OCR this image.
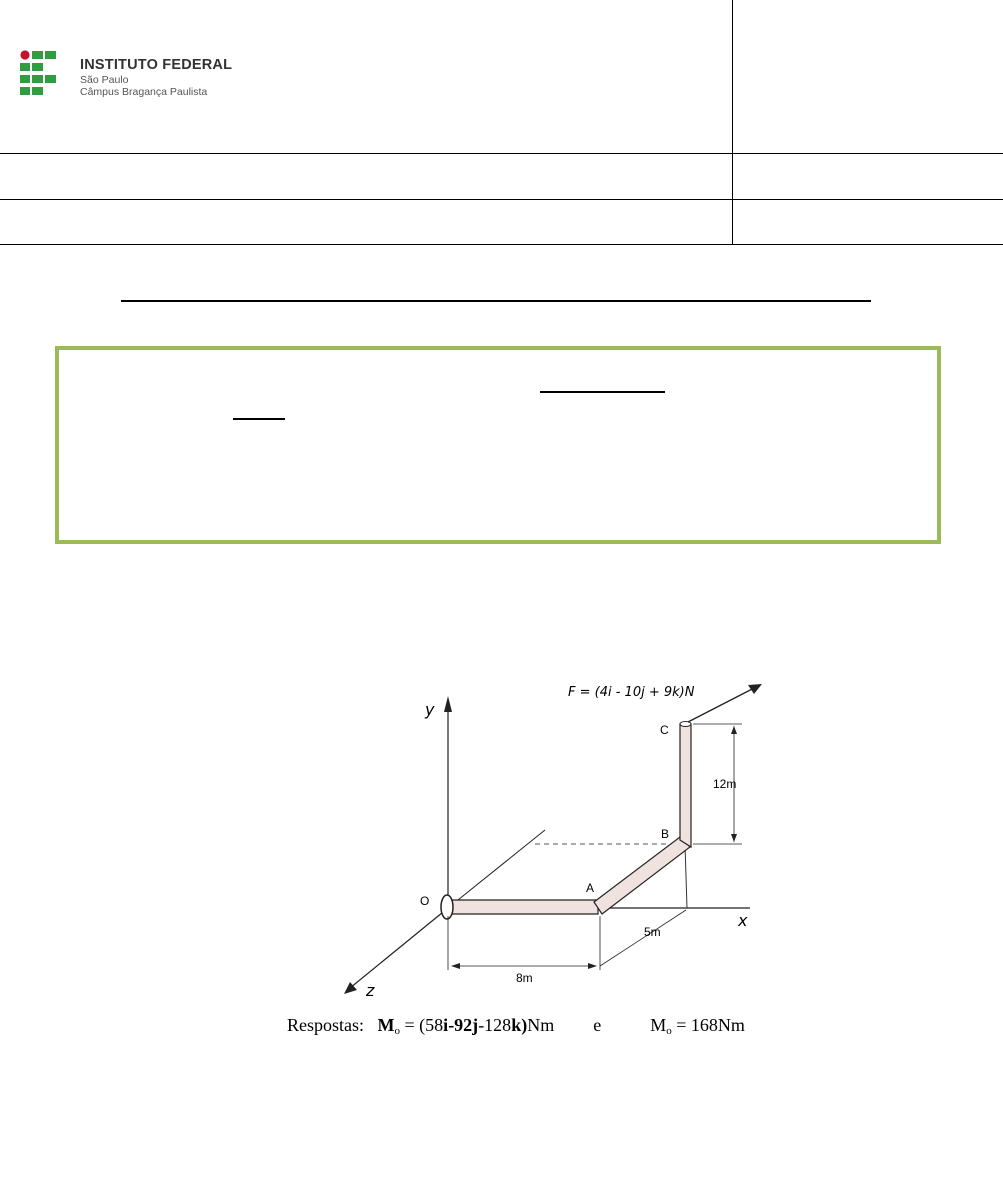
INSTITUTO FEDERAL
São Paulo
Câmpus Bragança Paulista
F = (4i - 10j + 9k)N
y
x
z
O
A
B
C
12m
5m
8m
Respostas: $M_o = (58i-92j-128k)Nm$ e	$M_o = 168Nm$
